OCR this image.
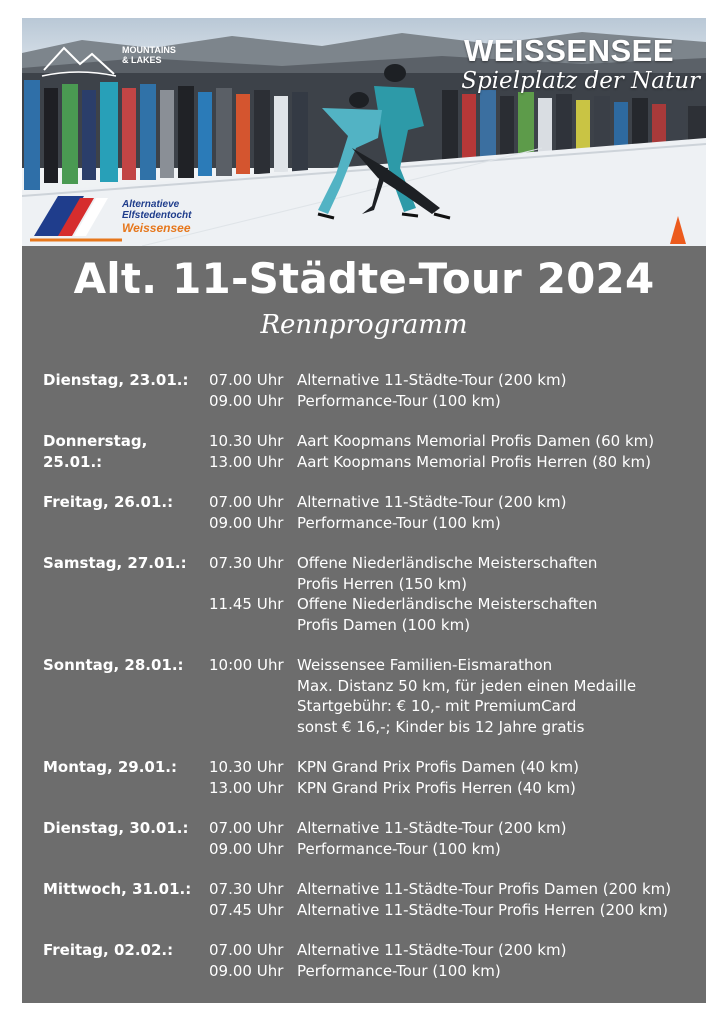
MOUNTAINS
& LAKES	WEISSENSEE
Spielplatz der Natur
Alternatieve
Elfstedentocht
Weissensee
Alt. 11-Städte-Tour 2024
Rennprogramm
Dienstag, 23.01.:	07.00 Uhr Alternative 11-Städte-Tour (200 km)
09.00 Uhr Performance-Tour (100 km)
Donnerstag, 25.01.:
10.30 Uhr Aart Koopmans Memorial Profis Damen (60 km)
13.00 Uhr Aart Koopmans Memorial Profis Herren (80 km)
Freitag, 26.01.:	07.00 Uhr Alternative 11-Städte-Tour (200 km)
09.00 Uhr Performance-Tour (100 km)
Samstag, 27.01.:	07.30 Uhr Offene Niederländische Meisterschaften
Profis Herren (150 km)
11.45 Uhr Offene Niederländische Meisterschaften
Profis Damen (100 km)
Sonntag, 28.01.:	10:00 Uhr Weissensee Familien-Eismarathon
Max. Distanz 50 km, für jeden einen Medaille
Startgebühr: € 10,- mit PremiumCard
sonst € 16,-; Kinder bis 12 Jahre gratis
Montag, 29.01.:	10.30 Uhr KPN Grand Prix Profis Damen (40 km)
13.00 Uhr KPN Grand Prix Profis Herren (40 km)
Dienstag, 30.01.:	07.00 Uhr Alternative 11-Städte-Tour (200 km)
09.00 Uhr Performance-Tour (100 km)
Mittwoch, 31.01.:	07.30 Uhr Alternative 11-Städte-Tour Profis Damen (200 km)
07.45 Uhr Alternative 11-Städte-Tour Profis Herren (200 km)
Freitag, 02.02.:	07.00 Uhr Alternative 11-Städte-Tour (200 km)
09.00 Uhr Performance-Tour (100 km)
